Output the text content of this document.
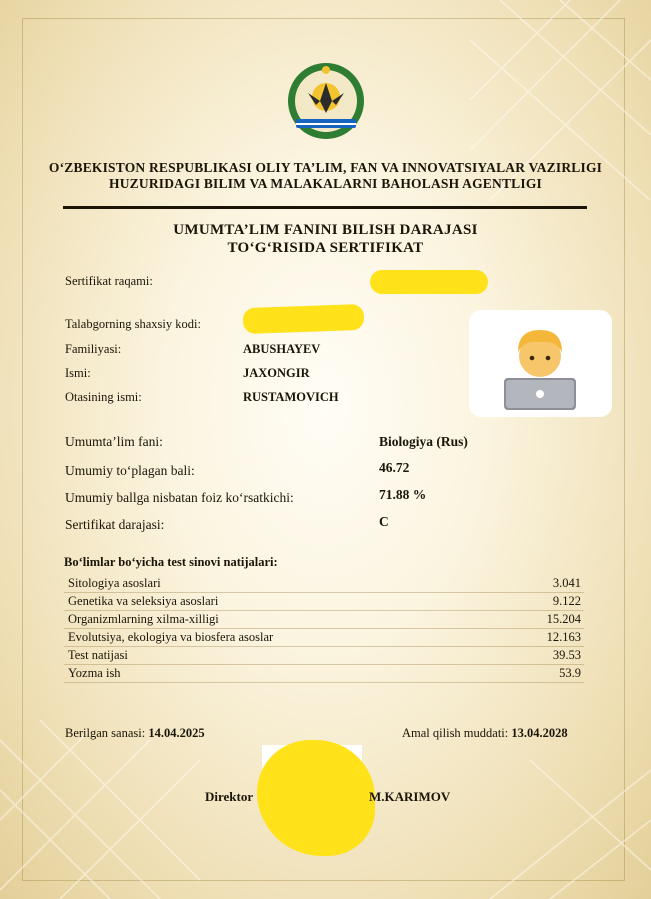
O‘ZBEKISTON RESPUBLIKASI OLIY TA’LIM, FAN VA INNOVATSIYALAR VAZIRLIGI
HUZURIDAGI BILIM VA MALAKALARNI BAHOLASH AGENTLIGI
UMUMTA’LIM FANINI BILISH DARAJASI
TO‘G‘RISIDA SERTIFIKAT
Sertifikat raqami:
Talabgorning shaxsiy kodi:
Familiyasi:	ABUSHAYEV
Ismi:	JAXONGIR
Otasining ismi:	RUSTAMOVICH
Umumta’lim fani:	Biologiya (Rus)
Umumiy to‘plagan bali:	46.72
Umumiy ballga nisbatan foiz ko‘rsatkichi:	71.88 %
Sertifikat darajasi:	C
Bo‘limlar bo‘yicha test sinovi natijalari:
Sitologiya asoslari	3.041
Genetika va seleksiya asoslari	9.122
Organizmlarning xilma-xilligi	15.204
Evolutsiya, ekologiya va biosfera asoslar	12.163
Test natijasi	39.53
Yozma ish	53.9
Berilgan sanasi: 14.04.2025	Amal qilish muddati: 13.04.2028
Direktor	M.KARIMOV
